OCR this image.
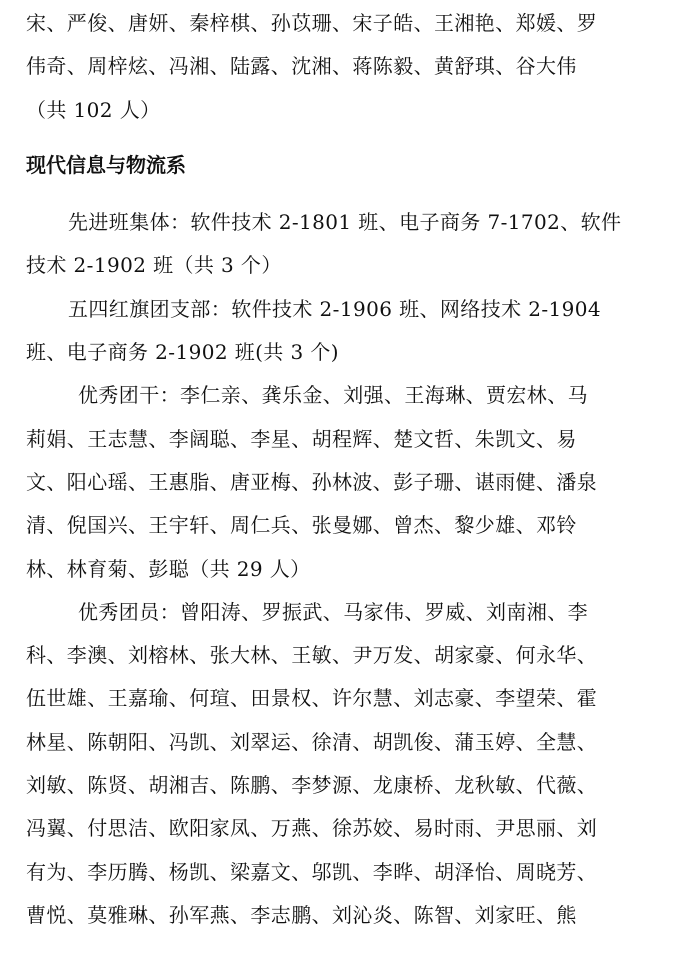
宋、严俊、唐妍、秦梓棋、孙苡珊、宋子皓、王湘艳、郑媛、罗
伟奇、周梓炫、冯湘、陆露、沈湘、蒋陈毅、黄舒琪、谷大伟
（共 102 人）
现代信息与物流系
先进班集体：软件技术 2-1801 班、电子商务 7-1702、软件
技术 2-1902 班（共 3 个）
五四红旗团支部：软件技术 2-1906 班、网络技术 2-1904
班、电子商务 2-1902 班(共 3 个)
优秀团干：李仁亲、龚乐金、刘强、王海琳、贾宏林、马
莉娟、王志慧、李阔聪、李星、胡程辉、楚文哲、朱凯文、易
文、阳心瑶、王惠脂、唐亚梅、孙林波、彭子珊、谌雨健、潘泉
清、倪国兴、王宇轩、周仁兵、张曼娜、曾杰、黎少雄、邓铃
林、林育菊、彭聪（共 29 人）
优秀团员：曾阳涛、罗振武、马家伟、罗威、刘南湘、李
科、李澳、刘榕林、张大林、王敏、尹万发、胡家豪、何永华、
伍世雄、王嘉瑜、何瑄、田景权、许尔慧、刘志豪、李望荣、霍
林星、陈朝阳、冯凯、刘翠运、徐清、胡凯俊、蒲玉婷、全慧、
刘敏、陈贤、胡湘吉、陈鹏、李梦源、龙康桥、龙秋敏、代薇、
冯翼、付思洁、欧阳家凤、万燕、徐苏姣、易时雨、尹思丽、刘
有为、李历腾、杨凯、梁嘉文、邬凯、李晔、胡泽怡、周晓芳、
曹悦、莫雅琳、孙军燕、李志鹏、刘沁炎、陈智、刘家旺、熊
